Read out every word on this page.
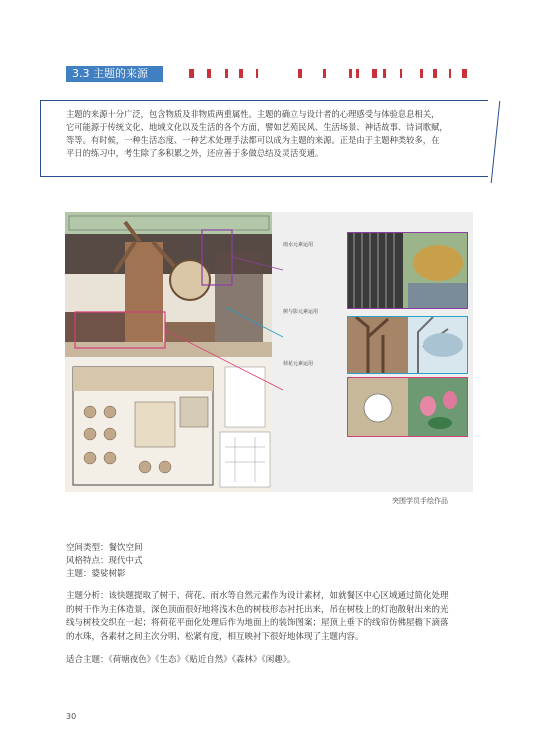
3.3 主题的来源
主题的来源十分广泛，包含物质及非物质两重属性。主题的确立与设计者的心理感受与体验息息相关，
它可能源于传统文化、地域文化以及生活的各个方面，譬如艺苑民风、生活场景、神话故事、诗词歌赋，
等等。有时候，一种生活态度、一种艺术处理手法都可以成为主题的来源。正是由于主题种类较多，在
平日的练习中，考生除了多积累之外，还应善于多做总结及灵活变通。
雨水元素运用
树与影元素运用
荷花元素运用
突围学员手绘作品
空间类型：餐饮空间
风格特点：现代中式
主题：婆娑树影
主题分析：该快题提取了树干、荷花、雨水等自然元素作为设计素材，如就餐区中心区域通过简化处理
的树干作为主体造景，深色顶面很好地将浅木色的树枝形态衬托出来，吊在树枝上的灯泡散射出来的光
线与树枝交织在一起；将荷花平面化处理后作为地面上的装饰图案；屋顶上垂下的线帘仿佛屋檐下滴落
的水珠，各素材之间主次分明、松紧有度，相互映衬下很好地体现了主题内容。
适合主题：《荷塘夜色》《生态》《贴近自然》《森林》《闲趣》。
30
